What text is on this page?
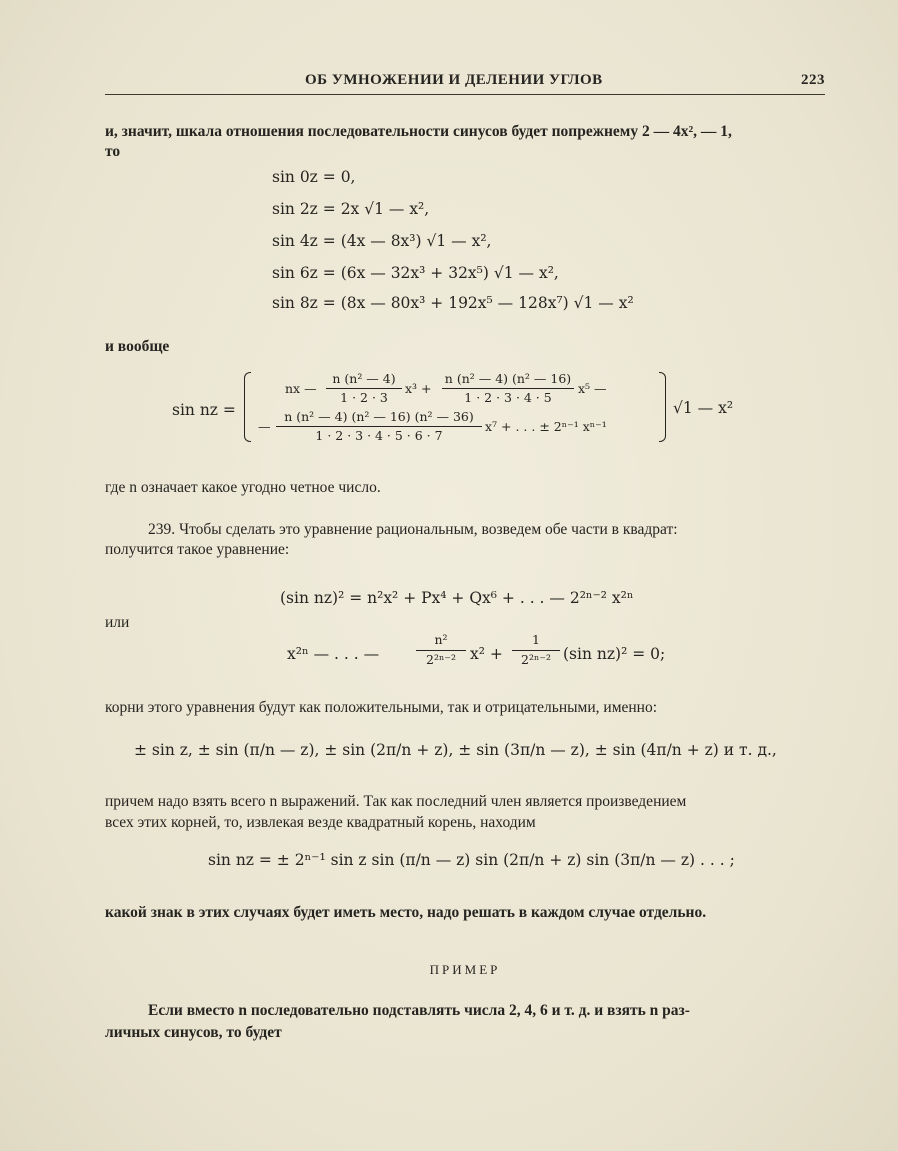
ОБ УМНОЖЕНИИ И ДЕЛЕНИИ УГЛОВ	223
и, значит, шкала отношения последовательности синусов будет попрежнему 2 — 4x², — 1,
то
sin 0z = 0,
sin 2z = 2x √1 — x²,
sin 4z = (4x — 8x³) √1 — x²,
sin 6z = (6x — 32x³ + 32x⁵) √1 — x²,
sin 8z = (8x — 80x³ + 192x⁵ — 128x⁷) √1 — x²
и вообще
sin nz =
nx —
n (n² — 4)
1 · 2 · 3
x³ +
n (n² — 4) (n² — 16)
1 · 2 · 3 · 4 · 5
x⁵ —
—
n (n² — 4) (n² — 16) (n² — 36)
1 · 2 · 3 · 4 · 5 · 6 · 7
x⁷ + . . . ± 2ⁿ⁻¹ xⁿ⁻¹
√1 — x²
где n означает какое угодно четное число.
239. Чтобы сделать это уравнение рациональным, возведем обе части в квадрат:
получится такое уравнение:
(sin nz)² = n²x² + Px⁴ + Qx⁶ + . . . — 2²ⁿ⁻² x²ⁿ
или
x²ⁿ — . . . —
n²
2²ⁿ⁻² x² +
1
2²ⁿ⁻² (sin nz)² = 0;
корни этого уравнения будут как положительными, так и отрицательными, именно:
± sin z, ± sin (π/n — z), ± sin (2π/n + z), ± sin (3π/n — z), ± sin (4π/n + z) и т. д.,
причем надо взять всего n выражений. Так как последний член является произведением
всех этих корней, то, извлекая везде квадратный корень, находим
sin nz = ± 2ⁿ⁻¹ sin z sin (π/n — z) sin (2π/n + z) sin (3π/n — z) . . . ;
какой знак в этих случаях будет иметь место, надо решать в каждом случае отдельно.
ПРИМЕР
Если вместо n последовательно подставлять числа 2, 4, 6 и т. д. и взять n раз-
личных синусов, то будет
